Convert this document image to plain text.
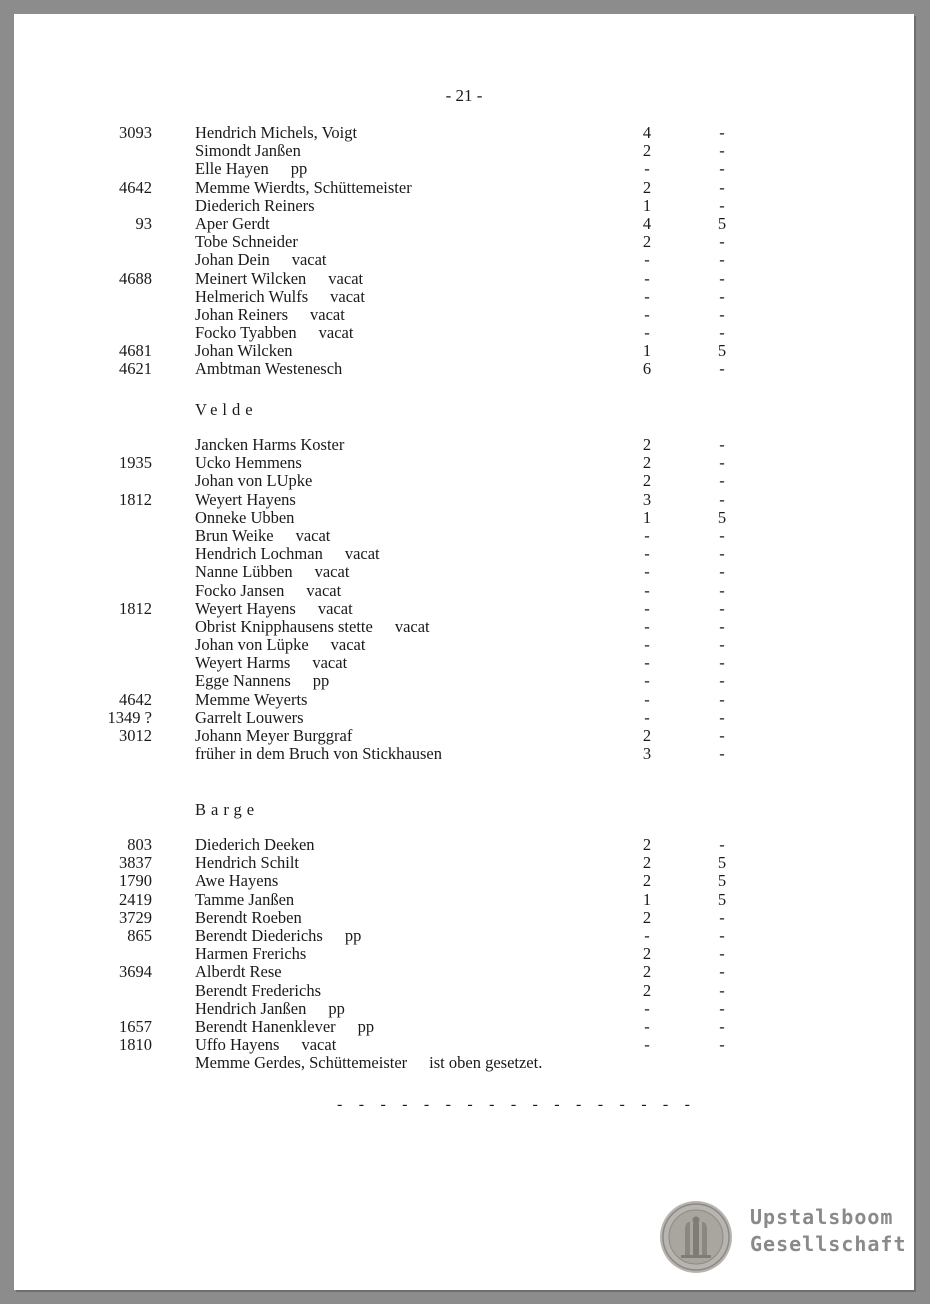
- 21 -
3093	Hendrich Michels, Voigt	4	-
Simondt Janßen	2	-
Elle Hayen pp	-	-
4642	Memme Wierdts, Schüttemeister	2	-
Diederich Reiners	1	-
93	Aper Gerdt	4	5
Tobe Schneider	2	-
Johan Dein vacat	-	-
4688	Meinert Wilcken vacat	-	-
Helmerich Wulfs vacat	-	-
Johan Reiners vacat	-	-
Focko Tyabben vacat	-	-
4681	Johan Wilcken	1	5
4621	Ambtman Westenesch	6	-
Velde
Jancken Harms Koster	2	-
1935	Ucko Hemmens	2	-
Johan von LUpke	2	-
1812	Weyert Hayens	3	-
Onneke Ubben	1	5
Brun Weike vacat	-	-
Hendrich Lochman vacat	-	-
Nanne Lübben vacat	-	-
Focko Jansen vacat	-	-
1812	Weyert Hayens vacat	-	-
Obrist Knipphausens stette vacat	-	-
Johan von Lüpke vacat	-	-
Weyert Harms vacat	-	-
Egge Nannens pp	-	-
4642	Memme Weyerts	-	-
1349 ?	Garrelt Louwers	-	-
3012	Johann Meyer Burggraf	2	-
früher in dem Bruch von Stickhausen	3	-
Barge
803	Diederich Deeken	2	-
3837	Hendrich Schilt	2	5
1790	Awe Hayens	2	5
2419	Tamme Janßen	1	5
3729	Berendt Roeben	2	-
865	Berendt Diederichs pp	-	-
Harmen Frerichs	2	-
3694	Alberdt Rese	2	-
Berendt Frederichs	2	-
Hendrich Janßen pp	-	-
1657	Berendt Hanenklever pp	-	-
1810	Uffo Hayens vacat	-	-
Memme Gerdes, Schüttemeister ist oben gesetzet.
- - - - - - - - - - - - - - - - -
Upstalsboom
Gesellschaft
